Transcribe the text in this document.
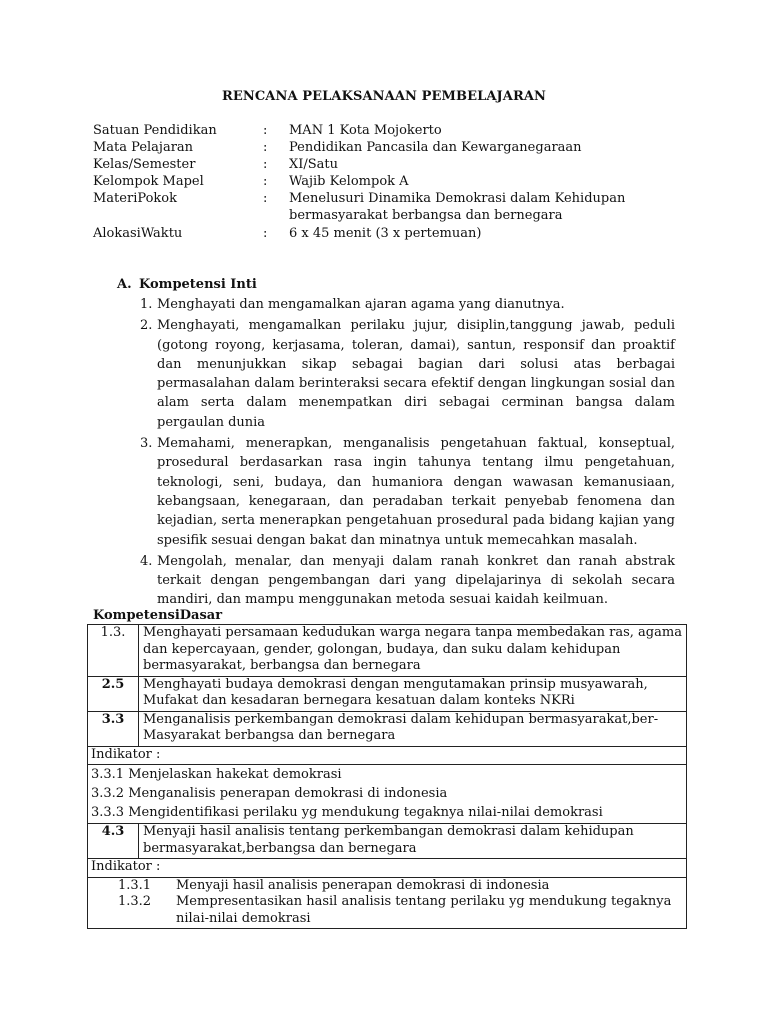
RENCANA PELAKSANAAN PEMBELAJARAN
Satuan Pendidikan	:	MAN 1 Kota Mojokerto
Mata Pelajaran	:	Pendidikan Pancasila dan Kewarganegaraan
Kelas/Semester	:	XI/Satu
Kelompok Mapel	:	Wajib Kelompok A
MateriPokok	:	Menelusuri Dinamika Demokrasi dalam Kehidupan bermasyarakat berbangsa dan bernegara
AlokasiWaktu	:	6 x 45 menit (3 x pertemuan)
A. Kompetensi Inti
1. Menghayati dan mengamalkan ajaran agama yang dianutnya.
2. Menghayati, mengamalkan perilaku jujur, disiplin,tanggung jawab, peduli (gotong royong, kerjasama, toleran, damai), santun, responsif dan proaktif dan menunjukkan sikap sebagai bagian dari solusi atas berbagai permasalahan dalam berinteraksi secara efektif dengan lingkungan sosial dan alam serta dalam menempatkan diri sebagai cerminan bangsa dalam pergaulan dunia
3. Memahami, menerapkan, menganalisis pengetahuan faktual, konseptual, prosedural berdasarkan rasa ingin tahunya tentang ilmu pengetahuan, teknologi, seni, budaya, dan humaniora dengan wawasan kemanusiaan, kebangsaan, kenegaraan, dan peradaban terkait penyebab fenomena dan kejadian, serta menerapkan pengetahuan prosedural pada bidang kajian yang spesifik sesuai dengan bakat dan minatnya untuk memecahkan masalah.
4. Mengolah, menalar, dan menyaji dalam ranah konkret dan ranah abstrak terkait dengan pengembangan dari yang dipelajarinya di sekolah secara mandiri, dan mampu menggunakan metoda sesuai kaidah keilmuan.
KompetensiDasar
1.3.	Menghayati persamaan kedudukan warga negara tanpa membedakan ras, agama dan kepercayaan, gender, golongan, budaya, dan suku dalam kehidupan bermasyarakat, berbangsa dan bernegara
2.5	Menghayati budaya demokrasi dengan mengutamakan prinsip musyawarah, Mufakat dan kesadaran bernegara kesatuan dalam konteks NKRi
3.3	Menganalisis perkembangan demokrasi dalam kehidupan bermasyarakat,ber-Masyarakat berbangsa dan bernegara
Indikator :	

3.3.1 Menjelaskan hakekat demokrasi
3.3.2 Menganalisis penerapan demokrasi di indonesia
3.3.3 Mengidentifikasi perilaku yg mendukung tegaknya nilai-nilai demokrasi	

4.3	Menyaji hasil analisis tentang perkembangan demokrasi dalam kehidupan bermasyarakat,berbangsa dan bernegara
Indikator :	

1.3.1 Menyaji hasil analisis penerapan demokrasi di indonesia
1.3.2 Mempresentasikan hasil analisis tentang perilaku yg mendukung tegaknya
nilai-nilai demokrasi	
